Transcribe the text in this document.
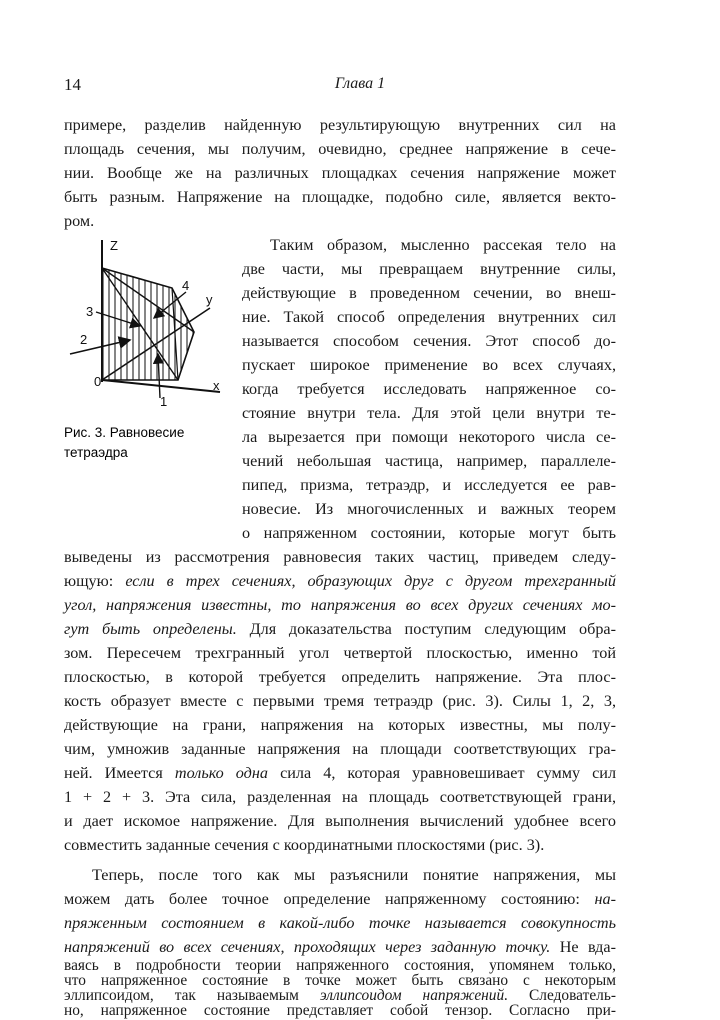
14	Глава 1
примере, разделив найденную результирующую внутренних сил на
площадь сечения, мы получим, очевидно, среднее напряжение в сече-
нии. Вообще же на различных площадках сечения напряжение может
быть разным. Напряжение на площадке, подобно силе, является векто-
ром.
Таким образом, мысленно рассекая тело на
две части, мы превращаем внутренние силы,
действующие в проведенном сечении, во внеш-
ние. Такой способ определения внутренних сил
называется способом сечения. Этот способ до-
пускает широкое применение во всех случаях,
когда требуется исследовать напряженное со-
стояние внутри тела. Для этой цели внутри те-
ла вырезается при помощи некоторого числа се-
чений небольшая частица, например, параллеле-
пипед, призма, тетраэдр, и исследуется ее рав-
новесие. Из многочисленных и важных теорем
о напряженном состоянии, которые могут быть
выведены из рассмотрения равновесия таких частиц, приведем следу-
ющую: если в трех сечениях, образующих друг с другом трехгранный
угол, напряжения известны, то напряжения во всех других сечениях мо-
гут быть определены. Для доказательства поступим следующим обра-
зом. Пересечем трехгранный угол четвертой плоскостью, именно той
плоскостью, в которой требуется определить напряжение. Эта плос-
кость образует вместе с первыми тремя тетраэдр (рис. 3). Силы 1, 2, 3,
действующие на грани, напряжения на которых известны, мы полу-
чим, умножив заданные напряжения на площади соответствующих гра-
ней. Имеется только одна сила 4, которая уравновешивает сумму сил
1 + 2 + 3. Эта сила, разделенная на площадь соответствующей грани,
и дает искомое напряжение. Для выполнения вычислений удобнее всего
совместить заданные сечения с координатными плоскостями (рис. 3).
Теперь, после того как мы разъяснили понятие напряжения, мы
можем дать более точное определение напряженному состоянию: на-
пряженным состоянием в какой-либо точке называется совокупность
напряжений во всех сечениях, проходящих через заданную точку. Не вда-
ваясь в подробности теории напряженного состояния, упомянем только,
что напряженное состояние в точке может быть связано с некоторым
эллипсоидом, так называемым эллипсоидом напряжений. Следователь-
но, напряженное состояние представляет собой тензор. Согласно при-
Z
y
x
0
1
2
3
4
Рис. 3. Равновесие тетраэдра
